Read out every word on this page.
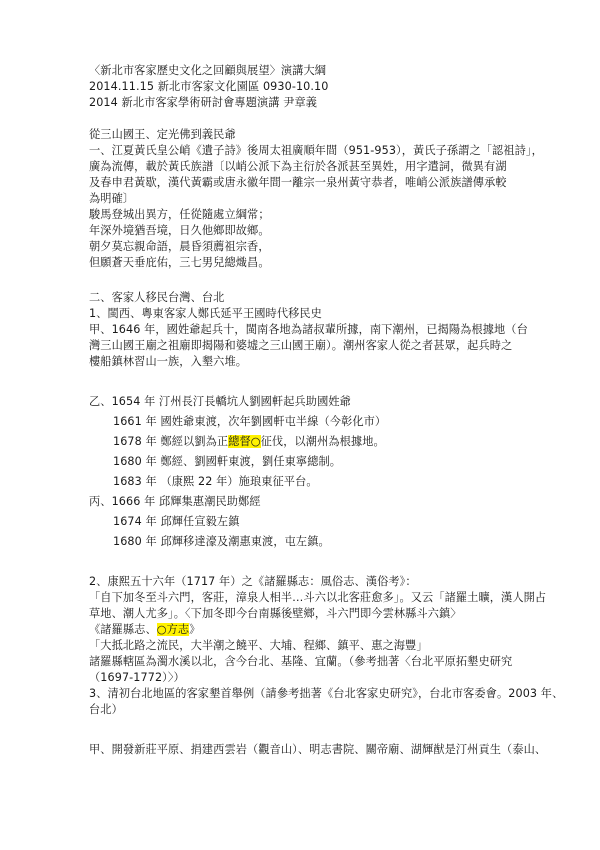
〈新北市客家歷史文化之回顧與展望〉演講大綱
2014.11.15 新北市客家文化園區 0930-10.10
2014 新北市客家學術研討會專題演講 尹章義
從三山國王、定光佛到義民爺
一、江夏黃氏皇公峭《遺子詩》後周太祖廣順年間（951-953），黃氏子孫謂之「認祖詩」，
廣為流傳，載於黃氏族譜〔以峭公派下為主衍於各派甚至異姓，用字遣詞，微異有湖
及春申君黃歇，漢代黃霸或唐永徽年間一離宗一泉州黃守恭者，唯峭公派族譜傳承較
為明確〕
駿馬登城出異方，任從隨處立綱常；
年深外境猶吾境，日久他鄉即故鄉。
朝夕莫忘親命語，晨昏須薦祖宗香，
但願蒼天垂庇佑，三七男兒總熾昌。
二、客家人移民台灣、台北
1、閩西、粵東客家人鄭氏延平王國時代移民史
甲、1646 年，國姓爺起兵十，閩南各地為諸叔輩所據，南下潮州，已揭陽為根據地（台
灣三山國王廟之祖廟即揭陽和婆墟之三山國王廟）。潮州客家人從之者甚眾，起兵時之
樓船鎮林習山一族，入墾六堆。
乙、1654 年 汀州長汀長轎坑人劉國軒起兵助國姓爺
1661 年 國姓爺東渡，次年劉國軒屯半線（今彰化市）
1678 年 鄭經以劉為正總督○征伐，以潮州為根據地。
1680 年 鄭經、劉國軒東渡，劉任東寧總制。
1683 年 （康熙 22 年）施琅東征平台。
丙、1666 年 邱輝集惠潮民助鄭經
1674 年 邱輝任宣毅左鎮
1680 年 邱輝移達濠及潮惠東渡，屯左鎮。
2、康熙五十六年（1717 年）之《諸羅縣志：風俗志、漢俗考》：
「自下加冬至斗六門，客莊，漳泉人相半…斗六以北客莊愈多」。又云「諸羅土曠，漢人開占
草地、潮人尤多」。〈下加冬即今台南縣後壁鄉，斗六門即今雲林縣斗六鎮〉
《諸羅縣志、○方志》
「大抵北路之流民，大半潮之饒平、大埔、程鄉、鎮平、惠之海豐」
諸羅縣轄區為濁水溪以北，含今台北、基隆、宜蘭。（參考拙著〈台北平原拓墾史研究
（1697-1772）〉）
3、清初台北地區的客家墾首舉例（請參考拙著《台北客家史研究》，台北市客委會。2003 年、
台北）
甲、開發新莊平原、捐建西雲岩（觀音山）、明志書院、關帝廟、湖輝猷是汀州貢生（泰山、
